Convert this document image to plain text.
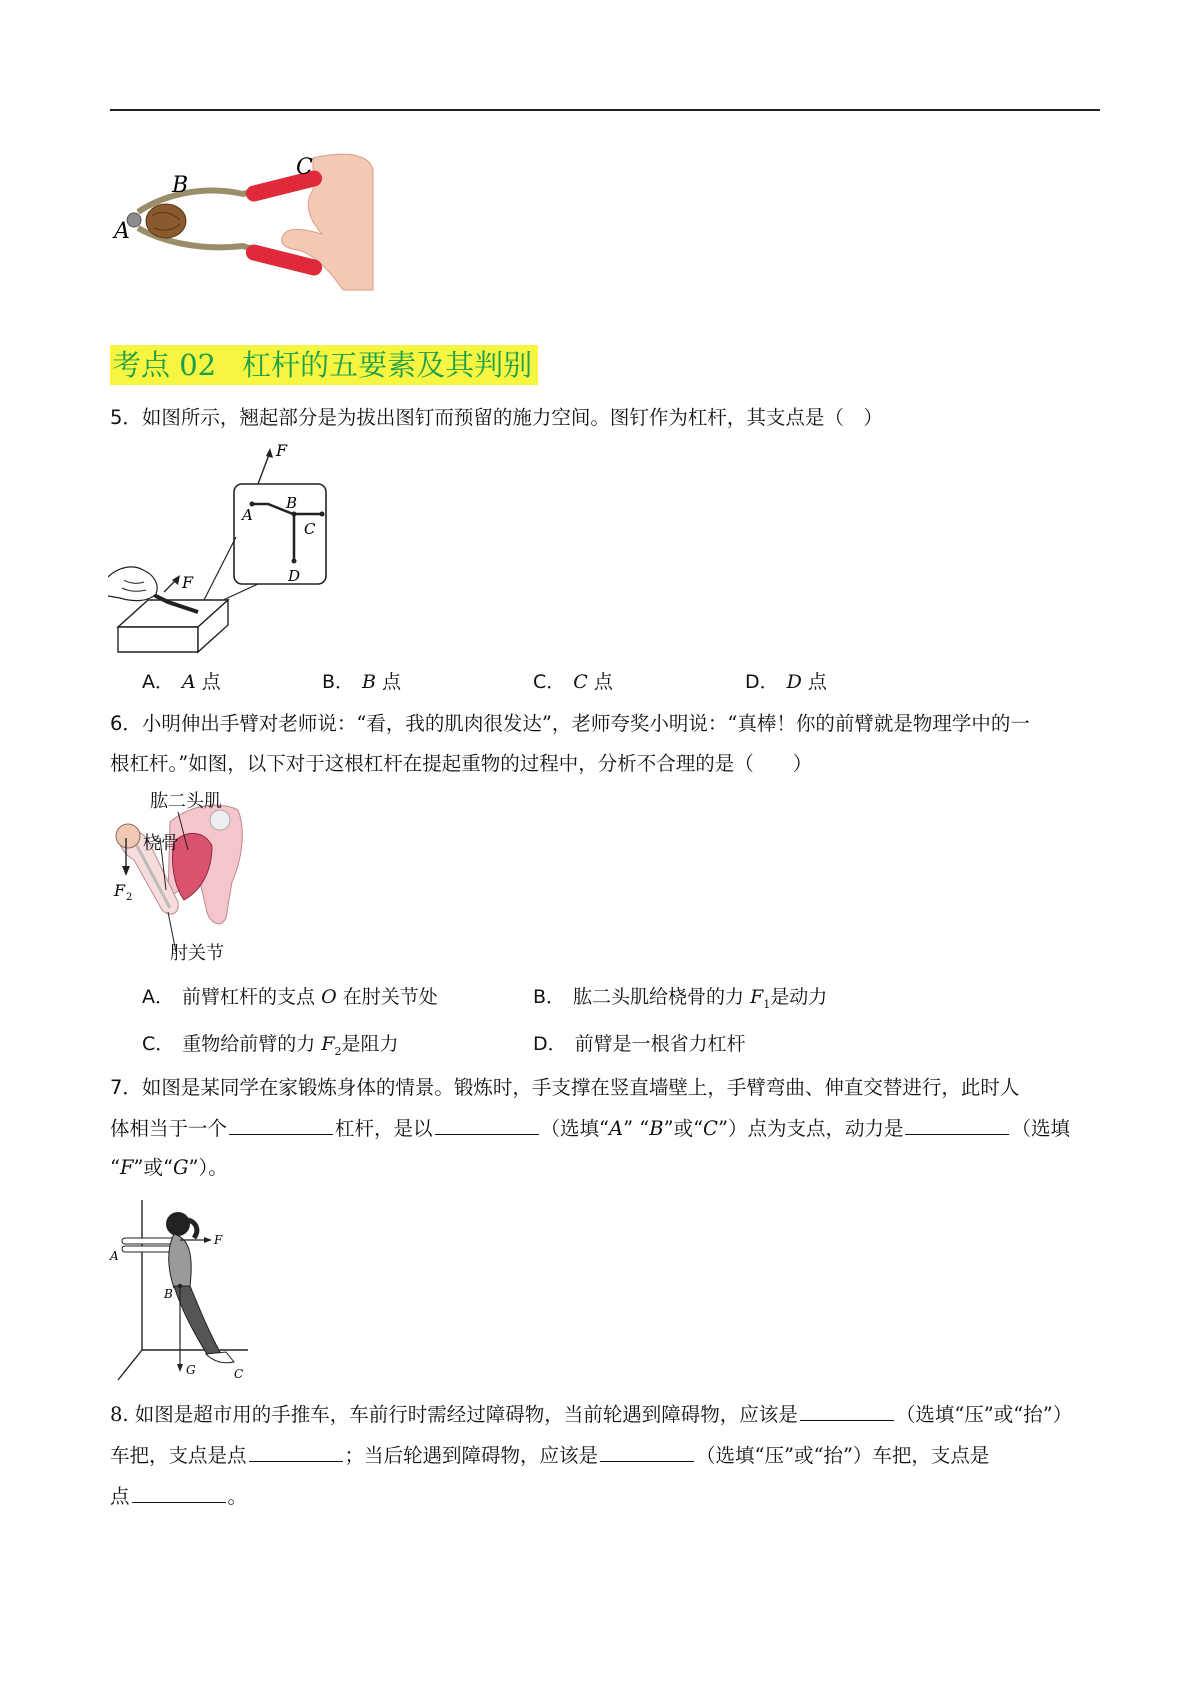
A
B
C
考点 02 杠杆的五要素及其判别
5．如图所示，翘起部分是为拔出图钉而预留的施力空间。图钉作为杠杆，其支点是（　）
F
A
B
C
D
F
A． A 点	B． B 点	C． C 点	D． D 点
6．小明伸出手臂对老师说：“看，我的肌肉很发达”，老师夸奖小明说：“真棒！你的前臂就是物理学中的一
根杠杆。”如图，以下对于这根杠杆在提起重物的过程中，分析不合理的是（　　）
F 2
肱二头肌
桡骨
肘关节
A． 前臂杠杆的支点 O 在肘关节处	B． 肱二头肌给桡骨的力 $F_1$是动力
C． 重物给前臂的力 $F_2$是阻力	D． 前臂是一根省力杠杆
7．如图是某同学在家锻炼身体的情景。锻炼时，手支撑在竖直墙壁上，手臂弯曲、伸直交替进行，此时人
体相当于一个	杠杆，是以	（选填“A” “B”或“C”）点为支点，动力是	（选填
“F”或“G”）。
F
A
B
G	C
8. 如图是超市用的手推车，车前行时需经过障碍物，当前轮遇到障碍物，应该是	（选填“压”或“抬”）
车把，支点是点	；当后轮遇到障碍物，应该是	（选填“压”或“抬”）车把，支点是
点	。
